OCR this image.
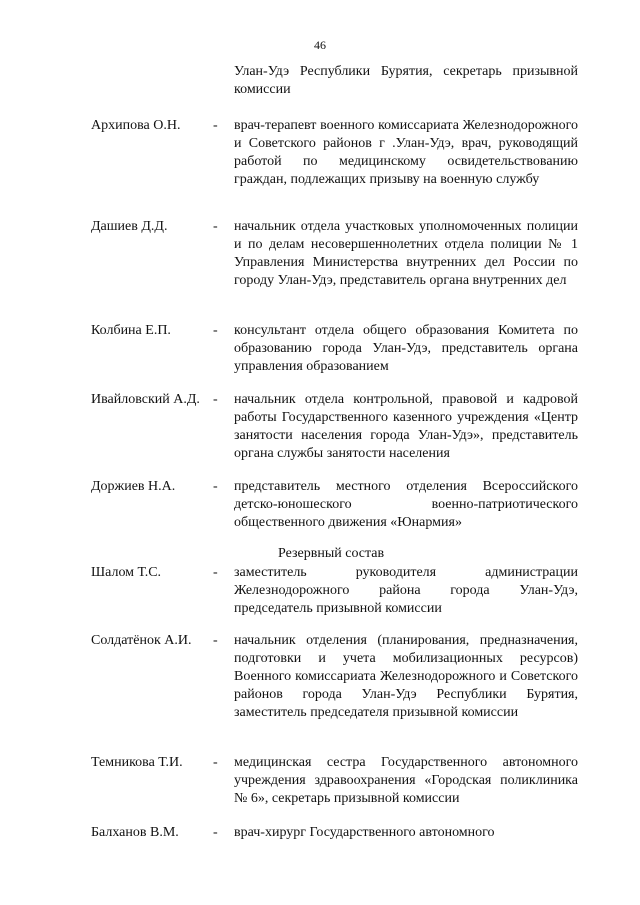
46
Улан-Удэ Республики Бурятия, секретарь призывной комиссии
Архипова О.Н.	-	врач-терапевт военного комиссариата Железнодорожного и Советского районов г .Улан-Удэ, врач, руководящий работой по медицинскому освидетельствованию граждан, подлежащих призыву на военную службу
Дашиев Д.Д.	-	начальник отдела участковых уполномоченных полиции и по делам несовершеннолетних отдела полиции № 1 Управления Министерства внутренних дел России по городу Улан-Удэ, представитель органа внутренних дел
Колбина Е.П.	-	консультант отдела общего образования Комитета по образованию города Улан-Удэ, представитель органа управления образованием
Ивайловский А.Д. -	начальник отдела контрольной, правовой и кадровой работы Государственного казенного учреждения «Центр занятости населения города Улан-Удэ», представитель органа службы занятости населения
Доржиев Н.А.	-	представитель местного отделения Всероссийского детско-юношеского военно-патриотического общественного движения «Юнармия»
Резервный состав
Шалом Т.С.	-	заместитель руководителя администрации Железнодорожного района города Улан-Удэ, председатель призывной комиссии
Солдатёнок А.И.	-	начальник отделения (планирования, предназначения, подготовки и учета мобилизационных ресурсов) Военного комиссариата Железнодорожного и Советского районов города Улан-Удэ Республики Бурятия, заместитель председателя призывной комиссии
Темникова Т.И.	-	медицинская сестра Государственного автономного учреждения здравоохранения «Городская поликлиника № 6», секретарь призывной комиссии
Балханов В.М.	-	врач-хирург Государственного автономного
